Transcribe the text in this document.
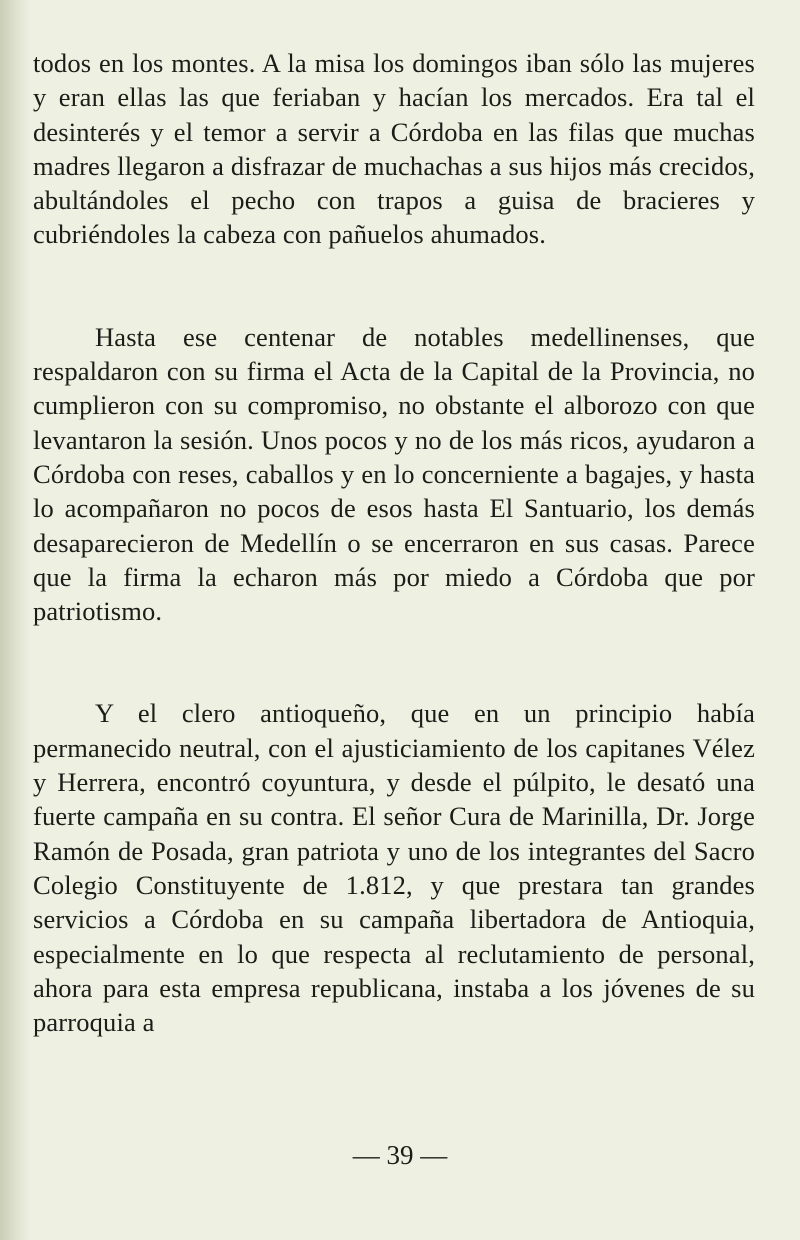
todos en los montes. A la misa los domingos iban sólo las mujeres y eran ellas las que feriaban y hacían los mercados. Era tal el desinterés y el temor a servir a Córdoba en las filas que muchas madres llegaron a disfrazar de muchachas a sus hijos más crecidos, abultándoles el pecho con trapos a guisa de bracieres y cubriéndoles la cabeza con pañuelos ahumados.

Hasta ese centenar de notables medellinenses, que respaldaron con su firma el Acta de la Capital de la Provincia, no cumplieron con su compromiso, no obstante el alborozo con que levantaron la sesión. Unos pocos y no de los más ricos, ayudaron a Córdoba con reses, caballos y en lo concerniente a bagajes, y hasta lo acompañaron no pocos de esos hasta El Santuario, los demás desaparecieron de Medellín o se encerraron en sus casas. Parece que la firma la echaron más por miedo a Córdoba que por patriotismo.

Y el clero antioqueño, que en un principio había permanecido neutral, con el ajusticiamiento de los capitanes Vélez y Herrera, encontró coyuntura, y desde el púlpito, le desató una fuerte campaña en su contra. El señor Cura de Marinilla, Dr. Jorge Ramón de Posada, gran patriota y uno de los integrantes del Sacro Colegio Constituyente de 1.812, y que prestara tan grandes servicios a Córdoba en su campaña libertadora de Antioquia, especialmente en lo que respecta al reclutamiento de personal, ahora para esta empresa republicana, instaba a los jóvenes de su parroquia a

— 39 —
